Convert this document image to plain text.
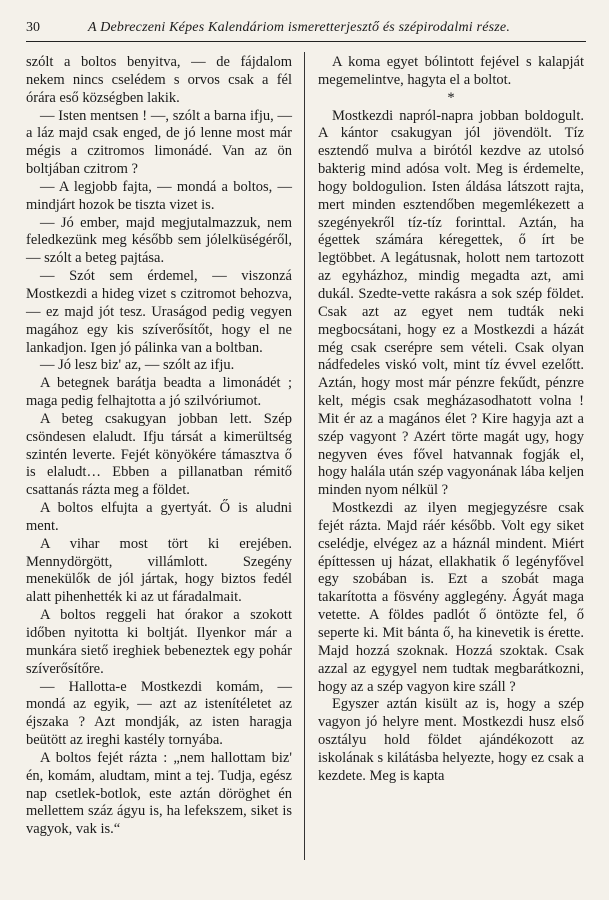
30	A Debreczeni Képes Kalendáriom ismeretterjesztő és szépirodalmi része.

szólt a boltos benyitva, — de fájdalom nekem nincs cselédem s orvos csak a fél órára eső községben lakik.

— Isten mentsen ! —, szólt a barna ifju, — a láz majd csak enged, de jó lenne most már mégis a czitromos limonádé. Van az ön boltjában czitrom ?

— A legjobb fajta, — mondá a boltos, — mindjárt hozok be tiszta vizet is.

— Jó ember, majd megjutalmazzuk, nem feledkezünk meg később sem jólelküségéről, — szólt a beteg pajtása.

— Szót sem érdemel, — viszonzá Mostkezdi a hideg vizet s czitromot behozva, — ez majd jót tesz. Uraságod pedig vegyen magához egy kis szíverősítőt, hogy el ne lankadjon. Igen jó pálinka van a boltban.

— Jó lesz biz' az, — szólt az ifju.

A betegnek barátja beadta a limonádét ; maga pedig felhajtotta a jó szilvóriumot.

A beteg csakugyan jobban lett. Szép csöndesen elaludt. Ifju társát a kimerültség szintén leverte. Fejét könyökére támasztva ő is elaludt… Ebben a pillanatban rémitő csattanás rázta meg a földet.

A boltos elfujta a gyertyát. Ő is aludni ment.

A vihar most tört ki erejében. Mennydörgött, villámlott. Szegény menekülők de jól jártak, hogy biztos fedél alatt pihenhették ki az ut fáradalmait.

A boltos reggeli hat órakor a szokott időben nyitotta ki boltját. Ilyenkor már a munkára siető ireghiek bebeneztek egy pohár szíverősítőre.

— Hallotta-e Mostkezdi komám, — mondá az egyik, — azt az istenítéletet az éjszaka ? Azt mondják, az isten haragja beütött az ireghi kastély tornyába.

A boltos fejét rázta : „nem hallottam biz' én, komám, aludtam, mint a tej. Tudja, egész nap csetlek-botlok, este aztán döröghet én mellettem száz ágyu is, ha lefekszem, siket is vagyok, vak is.“

A koma egyet bólintott fejével s kalapját megemelintve, hagyta el a boltot.

*

Mostkezdi napról-napra jobban boldogult. A kántor csakugyan jól jövendölt. Tíz esztendő mulva a birótól kezdve az utolsó bakterig mind adósa volt. Meg is érdemelte, hogy boldogulion. Isten áldása látszott rajta, mert minden esztendőben megemlékezett a szegényekről tíz-tíz forinttal. Aztán, ha égettek számára kéregettek, ő írt be legtöbbet. A legátusnak, holott nem tartozott az egyházhoz, mindig megadta azt, ami dukál. Szedte-vette rakásra a sok szép földet. Csak azt az egyet nem tudták neki megbocsátani, hogy ez a Mostkezdi a házát még csak cserépre sem vételi. Csak olyan nádfedeles viskó volt, mint tíz évvel ezelőtt. Aztán, hogy most már pénzre fekűdt, pénzre kelt, mégis csak megházasodhatott volna ! Mit ér az a magános élet ? Kire hagyja azt a szép vagyont ? Azért törte magát ugy, hogy negyven éves fővel hatvannak fogják el, hogy halála után szép vagyonának lába keljen minden nyom nélkül ?

Mostkezdi az ilyen megjegyzésre csak fejét rázta. Majd ráér később. Volt egy siket cselédje, elvégez az a háznál mindent. Miért építtessen uj házat, ellakhatik ő legényfővel egy szobában is. Ezt a szobát maga takarította a fösvény agglegény. Ágyát maga vetette. A földes padlót ő öntözte fel, ő seperte ki. Mit bánta ő, ha kinevetik is érette. Majd hozzá szoknak. Hozzá szoktak. Csak azzal az egygyel nem tudtak megbarátkozni, hogy az a szép vagyon kire száll ?

Egyszer aztán kisült az is, hogy a szép vagyon jó helyre ment. Mostkezdi husz első osztályu hold földet ajándékozott az iskolának s kilátásba helyezte, hogy ez csak a kezdete. Meg is kapta
